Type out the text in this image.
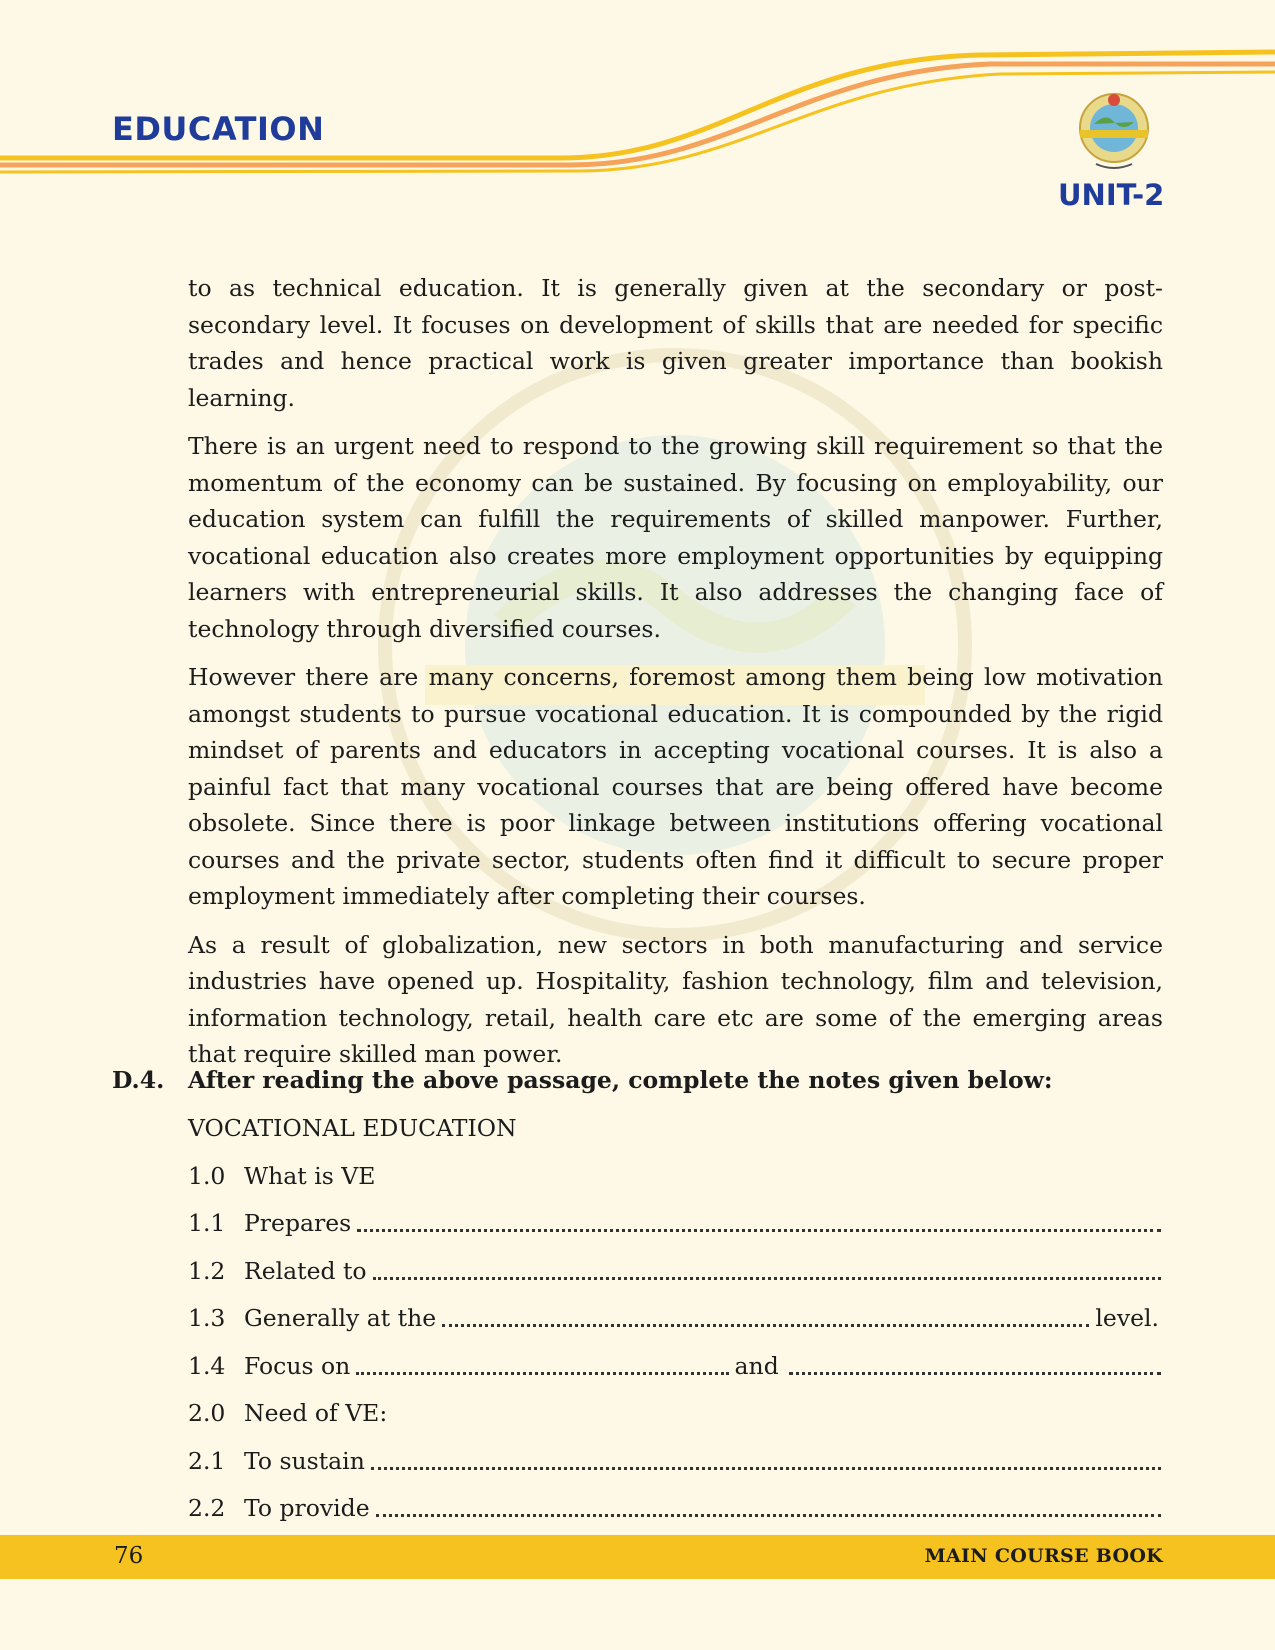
EDUCATION
UNIT-2

to as technical education. It is generally given at the secondary or post-secondary level. It focuses on development of skills that are needed for specific trades and hence practical work is given greater importance than bookish learning.

There is an urgent need to respond to the growing skill requirement so that the momentum of the economy can be sustained. By focusing on employability, our education system can fulfill the requirements of skilled manpower. Further, vocational education also creates more employment opportunities by equipping learners with entrepreneurial skills. It also addresses the changing face of technology through diversified courses.

However there are many concerns, foremost among them being low motivation amongst students to pursue vocational education. It is compounded by the rigid mindset of parents and educators in accepting vocational courses. It is also a painful fact that many vocational courses that are being offered have become obsolete. Since there is poor linkage between institutions offering vocational courses and the private sector, students often find it difficult to secure proper employment immediately after completing their courses.

As a result of globalization, new sectors in both manufacturing and service industries have opened up. Hospitality, fashion technology, film and television, information technology, retail, health care etc are some of the emerging areas that require skilled man power.

D.4. After reading the above passage, complete the notes given below:
VOCATIONAL EDUCATION
1.0 What is VE
1.1 Prepares
1.2 Related to
1.3 Generally at the	level.
1.4 Focus on	and
2.0 Need of VE:
2.1 To sustain
2.2 To provide
76	MAIN COURSE BOOK
